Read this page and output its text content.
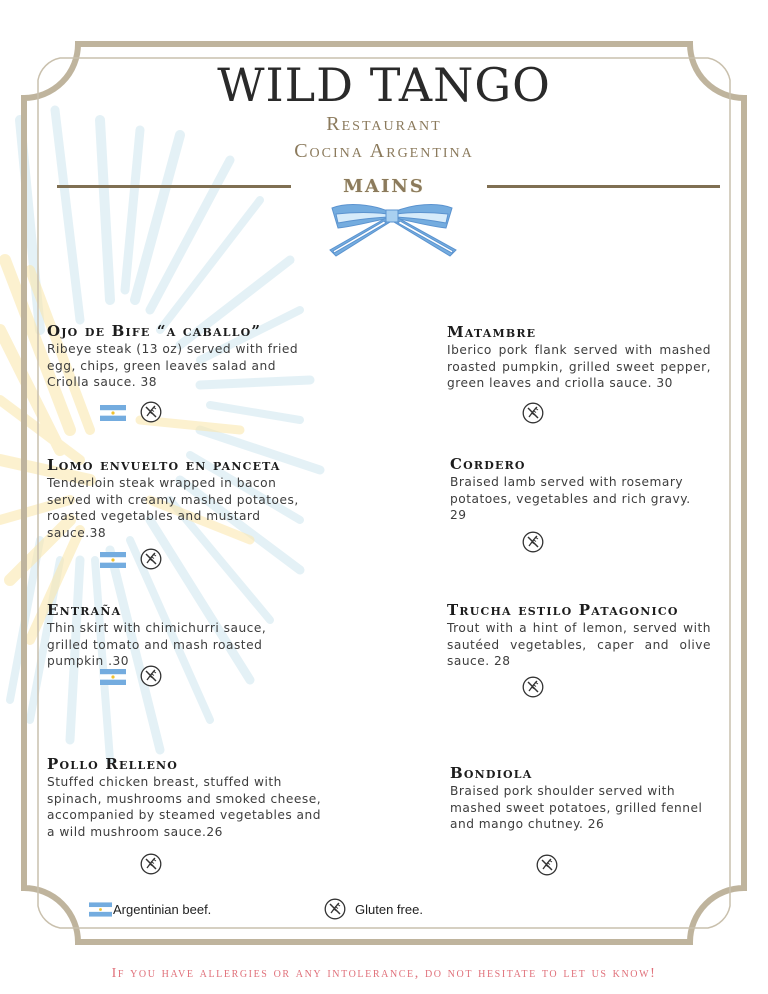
WILD TANGO
Restaurant
Cocina Argentina
MAINS
Ojo de Bife “a caballo”
Ribeye steak (13 oz) served with fried egg, chips, green leaves salad and Criolla sauce. 38
Lomo envuelto en panceta
Tenderloin steak wrapped in bacon served with creamy mashed potatoes, roasted vegetables and mustard sauce.38
Entraña
Thin skirt with chimichurri sauce, grilled tomato and mash roasted pumpkin .30
Pollo Relleno
Stuffed chicken breast, stuffed with spinach, mushrooms and smoked cheese, accompanied by steamed vegetables and a wild mushroom sauce.26
Matambre
Iberico pork flank served with mashed roasted pumpkin, grilled sweet pepper, green leaves and criolla sauce. 30
Cordero
Braised lamb served with rosemary potatoes, vegetables and rich gravy. 29
Trucha estilo Patagonico
Trout with a hint of lemon, served with sautéed vegetables, caper and olive sauce. 28
Bondiola
Braised pork shoulder served with mashed sweet potatoes, grilled fennel and mango chutney. 26
Argentinian beef.	Gluten free.
If you have allergies or any intolerance, do not hesitate to let us know!
